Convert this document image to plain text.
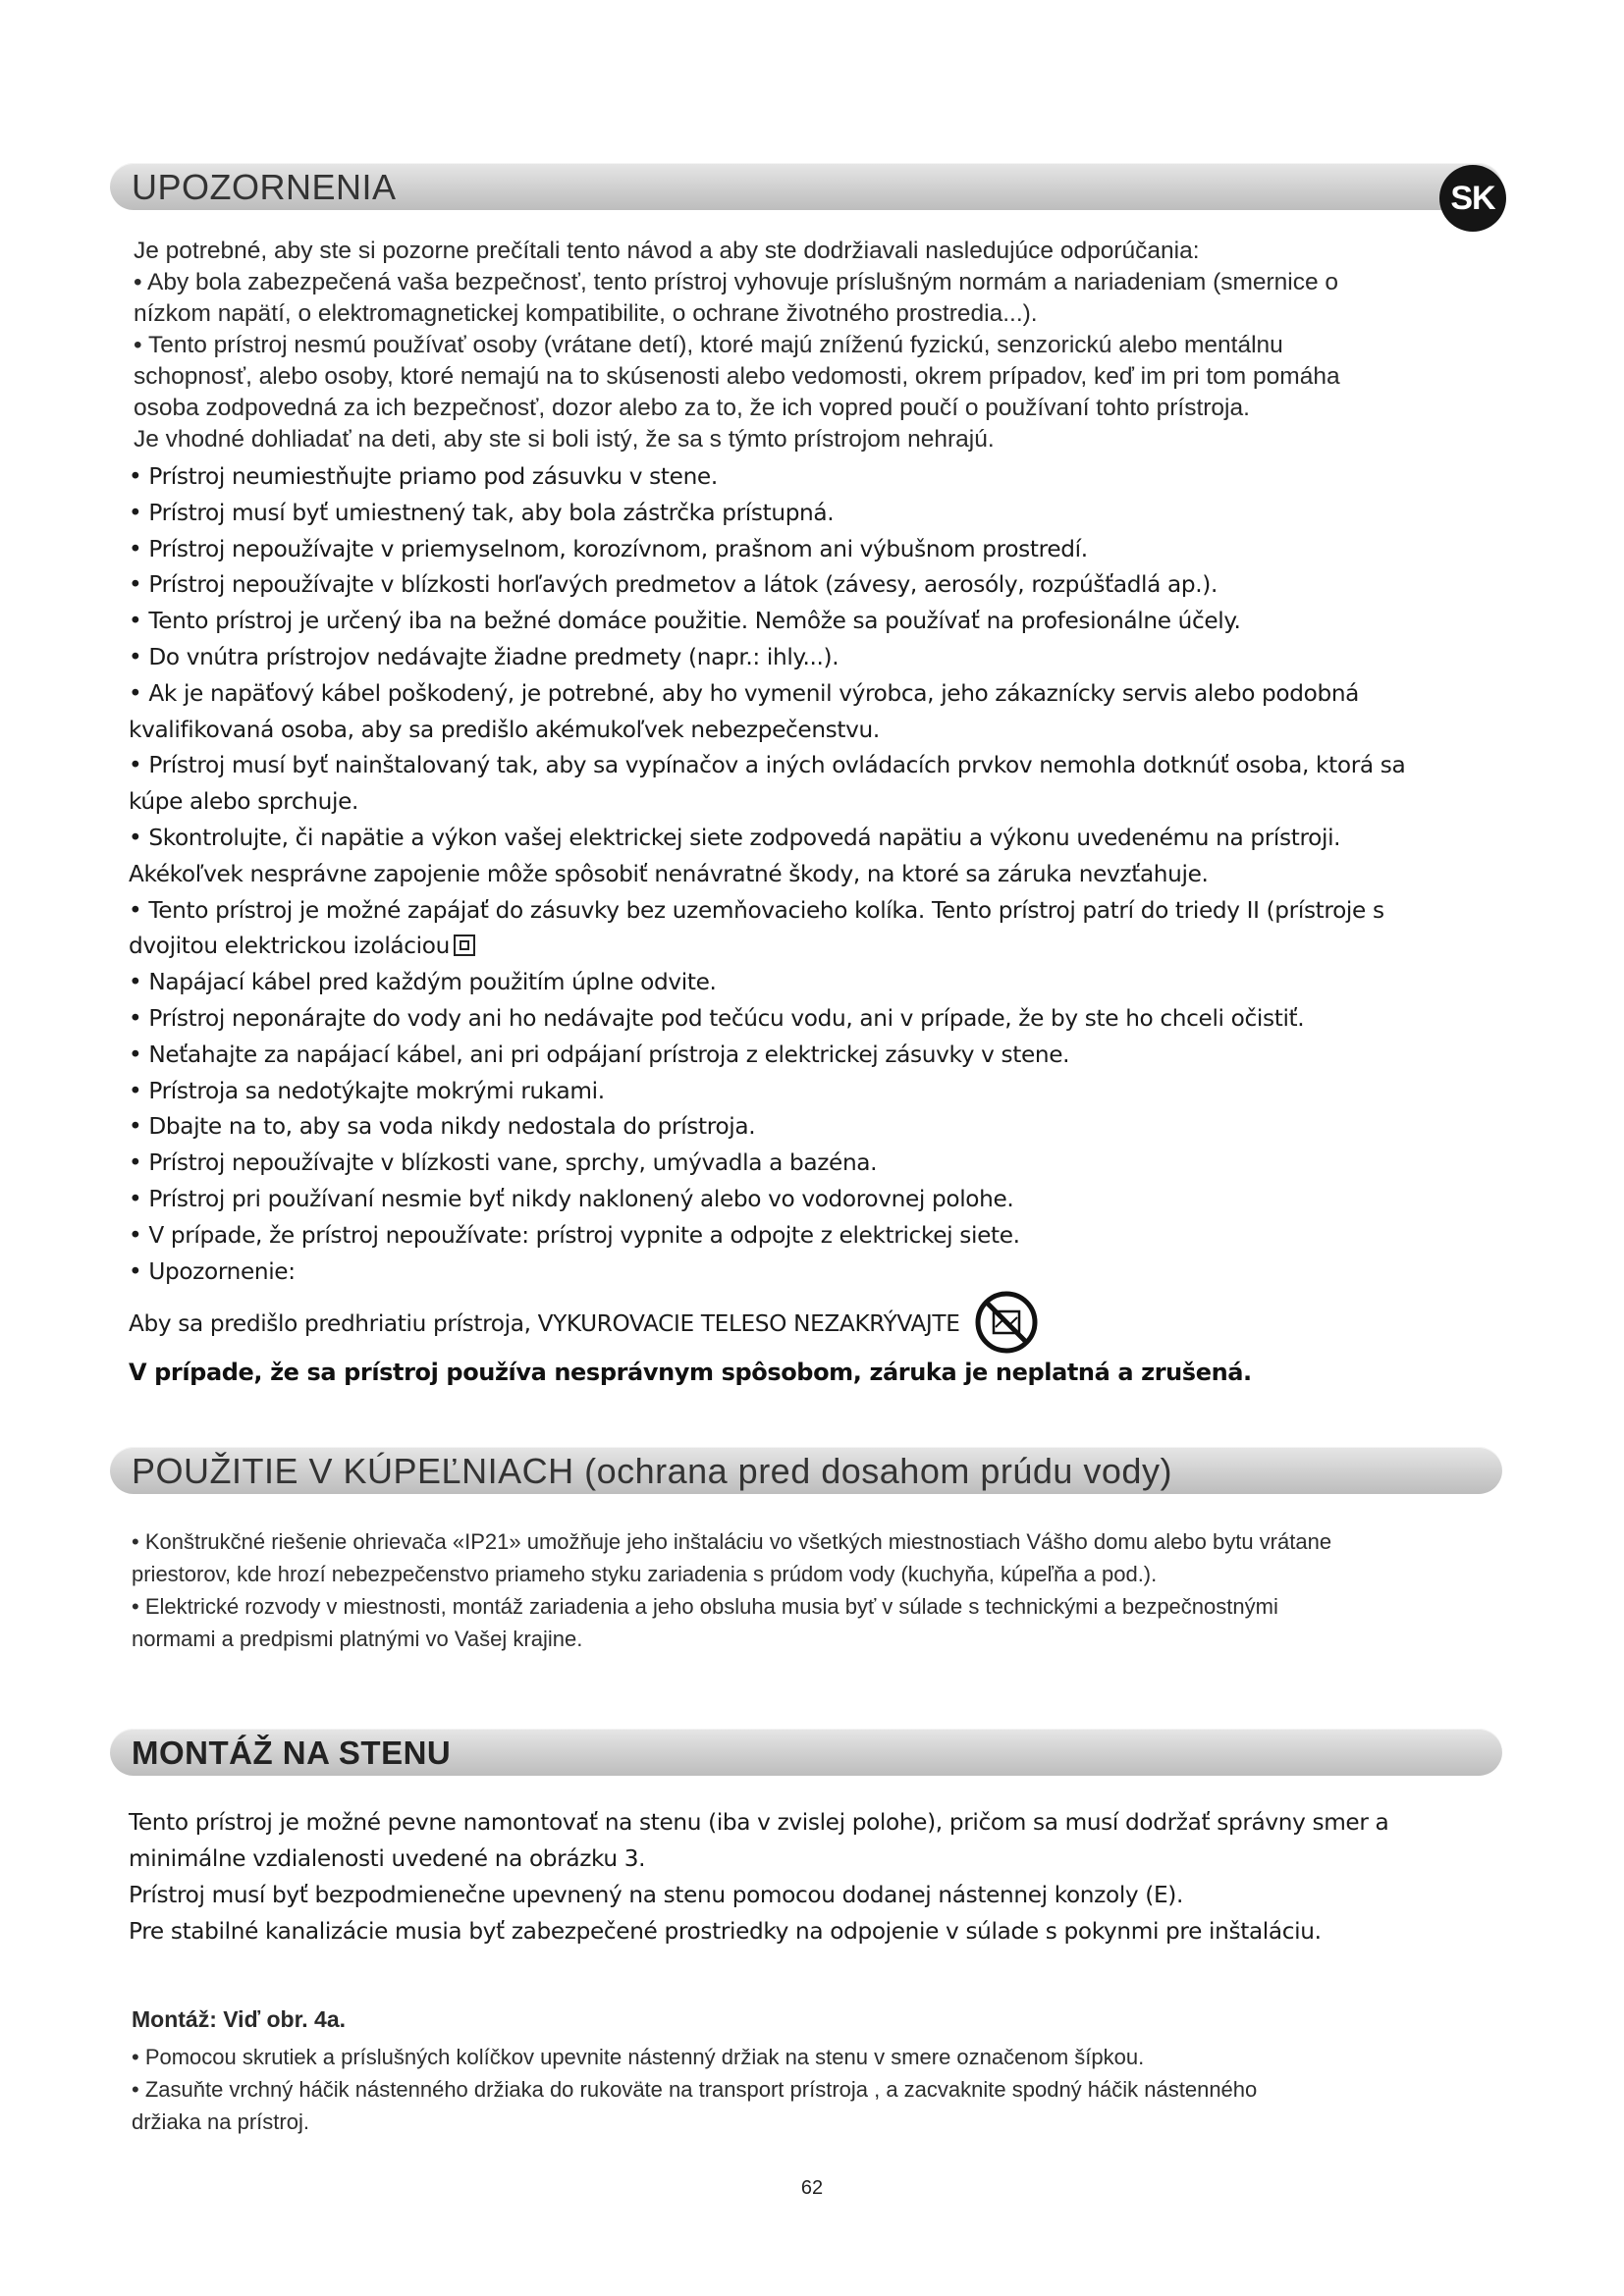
UPOZORNENIA	SK

Je potrebné, aby ste si pozorne prečítali tento návod a aby ste dodržiavali nasledujúce odporúčania:

• Aby bola zabezpečená vaša bezpečnosť, tento prístroj vyhovuje príslušným normám a nariadeniam (smernice o

nízkom napätí, o elektromagnetickej kompatibilite, o ochrane životného prostredia...).

• Tento prístroj nesmú používať osoby (vrátane detí), ktoré majú zníženú fyzickú, senzorickú alebo mentálnu

schopnosť, alebo osoby, ktoré nemajú na to skúsenosti alebo vedomosti, okrem prípadov, keď im pri tom pomáha

osoba zodpovedná za ich bezpečnosť, dozor alebo za to, že ich vopred poučí o používaní tohto prístroja.

Je vhodné dohliadať na deti, aby ste si boli istý, že sa s týmto prístrojom nehrajú.

• Prístroj neumiestňujte priamo pod zásuvku v stene.

• Prístroj musí byť umiestnený tak, aby bola zástrčka prístupná.

• Prístroj nepoužívajte v priemyselnom, korozívnom, prašnom ani výbušnom prostredí.

• Prístroj nepoužívajte v blízkosti horľavých predmetov a látok (závesy, aerosóly, rozpúšťadlá ap.).

• Tento prístroj je určený iba na bežné domáce použitie. Nemôže sa používať na profesionálne účely.

• Do vnútra prístrojov nedávajte žiadne predmety (napr.: ihly...).

• Ak je napäťový kábel poškodený, je potrebné, aby ho vymenil výrobca, jeho zákaznícky servis alebo podobná

kvalifikovaná osoba, aby sa predišlo akémukoľvek nebezpečenstvu.

• Prístroj musí byť nainštalovaný tak, aby sa vypínačov a iných ovládacích prvkov nemohla dotknúť osoba, ktorá sa

kúpe alebo sprchuje.

• Skontrolujte, či napätie a výkon vašej elektrickej siete zodpovedá napätiu a výkonu uvedenému na prístroji.

Akékoľvek nesprávne zapojenie môže spôsobiť nenávratné škody, na ktoré sa záruka nevzťahuje.

• Tento prístroj je možné zapájať do zásuvky bez uzemňovacieho kolíka. Tento prístroj patrí do triedy II (prístroje s

dvojitou elektrickou izoláciou

• Napájací kábel pred každým použitím úplne odvite.

• Prístroj neponárajte do vody ani ho nedávajte pod tečúcu vodu, ani v prípade, že by ste ho chceli očistiť.

• Neťahajte za napájací kábel, ani pri odpájaní prístroja z elektrickej zásuvky v stene.

• Prístroja sa nedotýkajte mokrými rukami.

• Dbajte na to, aby sa voda nikdy nedostala do prístroja.

• Prístroj nepoužívajte v blízkosti vane, sprchy, umývadla a bazéna.

• Prístroj pri používaní nesmie byť nikdy naklonený alebo vo vodorovnej polohe.

• V prípade, že prístroj nepoužívate: prístroj vypnite a odpojte z elektrickej siete.

• Upozornenie:

Aby sa predišlo predhriatiu prístroja, VYKUROVACIE TELESO NEZAKRÝVAJTE

V prípade, že sa prístroj používa nesprávnym spôsobom, záruka je neplatná a zrušená.
POUŽITIE V KÚPEĽNIACH (ochrana pred dosahom prúdu vody)

• Konštrukčné riešenie ohrievača «IP21» umožňuje jeho inštaláciu vo všetkých miestnostiach Vášho domu alebo bytu vrátane

priestorov, kde hrozí nebezpečenstvo priameho styku zariadenia s prúdom vody (kuchyňa, kúpeľňa a pod.).

• Elektrické rozvody v miestnosti, montáž zariadenia a jeho obsluha musia byť v súlade s technickými a bezpečnostnými

normami a predpismi platnými vo Vašej krajine.

MONTÁŽ NA STENU

Tento prístroj je možné pevne namontovať na stenu (iba v zvislej polohe), pričom sa musí dodržať správny smer a

minimálne vzdialenosti uvedené na obrázku 3.

Prístroj musí byť bezpodmienečne upevnený na stenu pomocou dodanej nástennej konzoly (E).

Pre stabilné kanalizácie musia byť zabezpečené prostriedky na odpojenie v súlade s pokynmi pre inštaláciu.

Montáž: Viď obr. 4a.

• Pomocou skrutiek a príslušných kolíčkov upevnite nástenný držiak na stenu v smere označenom šípkou.

• Zasuňte vrchný háčik nástenného držiaka do rukoväte na transport prístroja , a zacvaknite spodný háčik nástenného

držiaka na prístroj.

62
